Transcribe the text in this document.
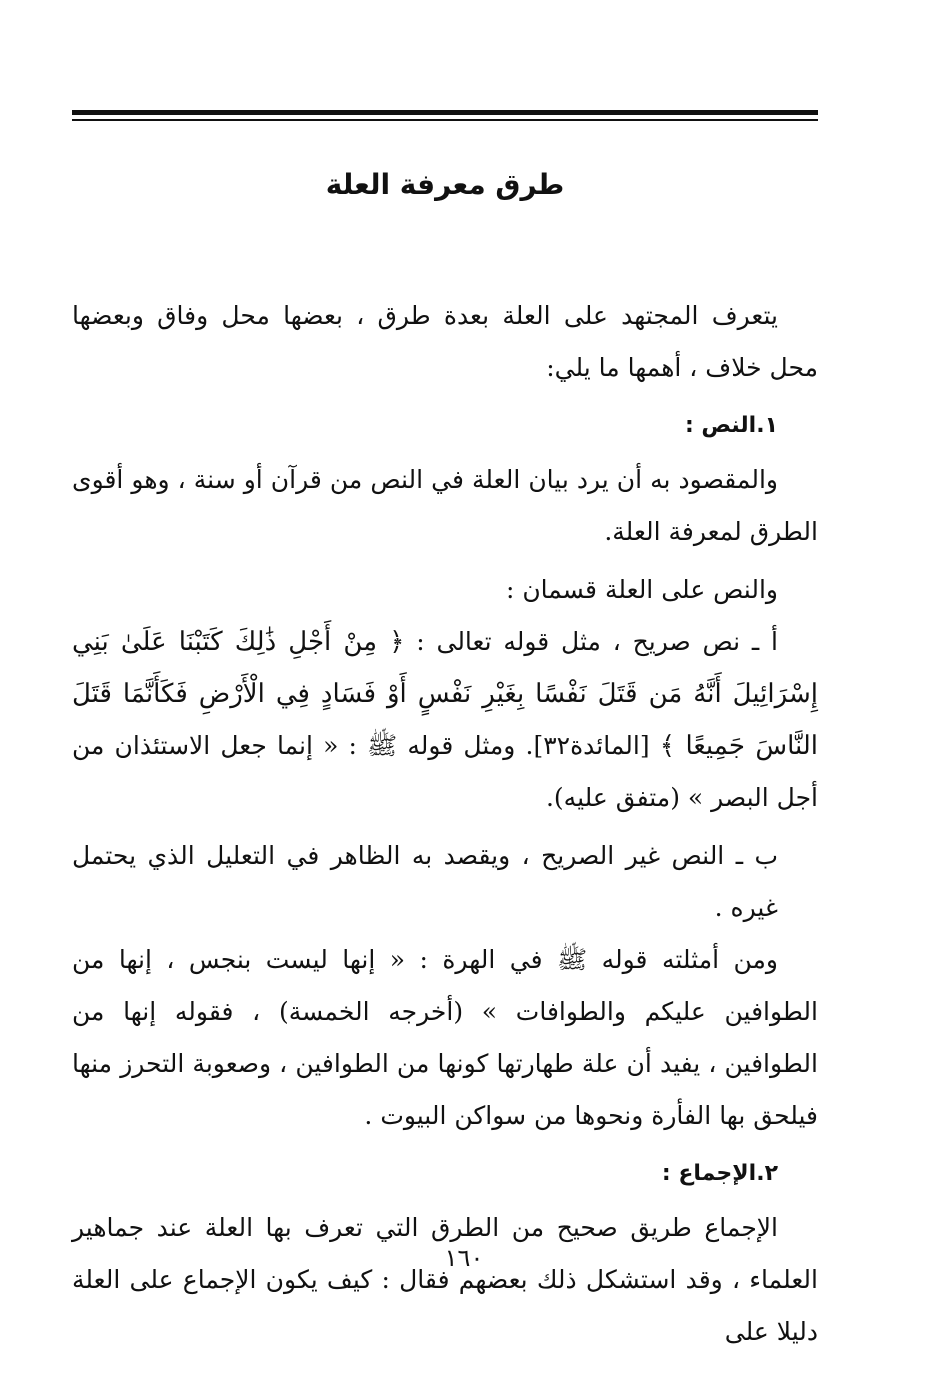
طرق معرفة العلة

يتعرف المجتهد على العلة بعدة طرق ، بعضها محل وفاق وبعضها محل خلاف ، أهمها ما يلي:

١.النص :

والمقصود به أن يرد بيان العلة في النص من قرآن أو سنة ، وهو أقوى الطرق لمعرفة العلة.

والنص على العلة قسمان :

أ ـ نص صريح ، مثل قوله تعالى : ﴿ مِنْ أَجْلِ ذَٰلِكَ كَتَبْنَا عَلَىٰ بَنِي إِسْرَائِيلَ أَنَّهُ مَن قَتَلَ نَفْسًا بِغَيْرِ نَفْسٍ أَوْ فَسَادٍ فِي الْأَرْضِ فَكَأَنَّمَا قَتَلَ النَّاسَ جَمِيعًا ﴾ [المائدة٣٢]. ومثل قوله ﷺ : « إنما جعل الاستئذان من أجل البصر » (متفق عليه).

ب ـ النص غير الصريح ، ويقصد به الظاهر في التعليل الذي يحتمل غيره .

ومن أمثلته قوله ﷺ في الهرة : « إنها ليست بنجس ، إنها من الطوافين عليكم والطوافات » (أخرجه الخمسة) ، فقوله إنها من الطوافين ، يفيد أن علة طهارتها كونها من الطوافين ، وصعوبة التحرز منها فيلحق بها الفأرة ونحوها من سواكن البيوت .

٢.الإجماع :

الإجماع طريق صحيح من الطرق التي تعرف بها العلة عند جماهير العلماء ، وقد استشكل ذلك بعضهم فقال : كيف يكون الإجماع على العلة دليلا على

١٦٠
